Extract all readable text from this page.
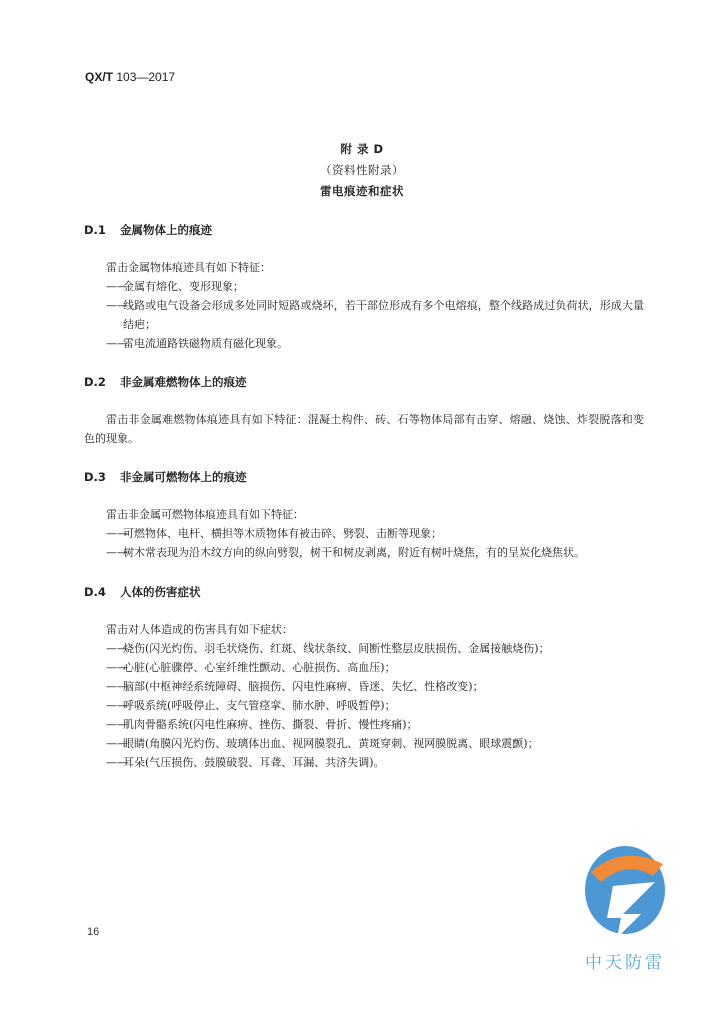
QX/T 103—2017
附 录 D
（资料性附录）
雷电痕迹和症状
D.1 金属物体上的痕迹

雷击金属物体痕迹具有如下特征：

——金属有熔化、变形现象；

——线路或电气设备会形成多处同时短路或烧坏，若干部位形成有多个电熔痕，整个线路成过负荷状，形成大量结疤；

——雷电流通路铁磁物质有磁化现象。

D.2 非金属难燃物体上的痕迹

雷击非金属难燃物体痕迹具有如下特征：混凝土构件、砖、石等物体局部有击穿、熔融、烧蚀、炸裂脱落和变色的现象。

D.3 非金属可燃物体上的痕迹

雷击非金属可燃物体痕迹具有如下特征：

——可燃物体、电杆、横担等木质物体有被击碎、劈裂、击断等现象；

——树木常表现为沿木纹方向的纵向劈裂，树干和树皮剥离，附近有树叶烧焦，有的呈炭化烧焦状。

D.4 人体的伤害症状

雷击对人体造成的伤害具有如下症状：

——烧伤(闪光灼伤、羽毛状烧伤、红斑、线状条纹、间断性整层皮肤损伤、金属接触烧伤)；

——心脏(心脏骤停、心室纤维性颤动、心脏损伤、高血压)；

——脑部(中枢神经系统障碍、脑损伤、闪电性麻痹、昏迷、失忆、性格改变)；

——呼吸系统(呼吸停止、支气管痉挛、肺水肿、呼吸暂停)；

——肌肉骨骼系统(闪电性麻痹、挫伤、撕裂、骨折、慢性疼痛)；

——眼睛(角膜闪光灼伤、玻璃体出血、视网膜裂孔、黄斑穿刺、视网膜脱离、眼球震颤)；

——耳朵(气压损伤、鼓膜破裂、耳聋、耳漏、共济失调)。

16
中天防雷
